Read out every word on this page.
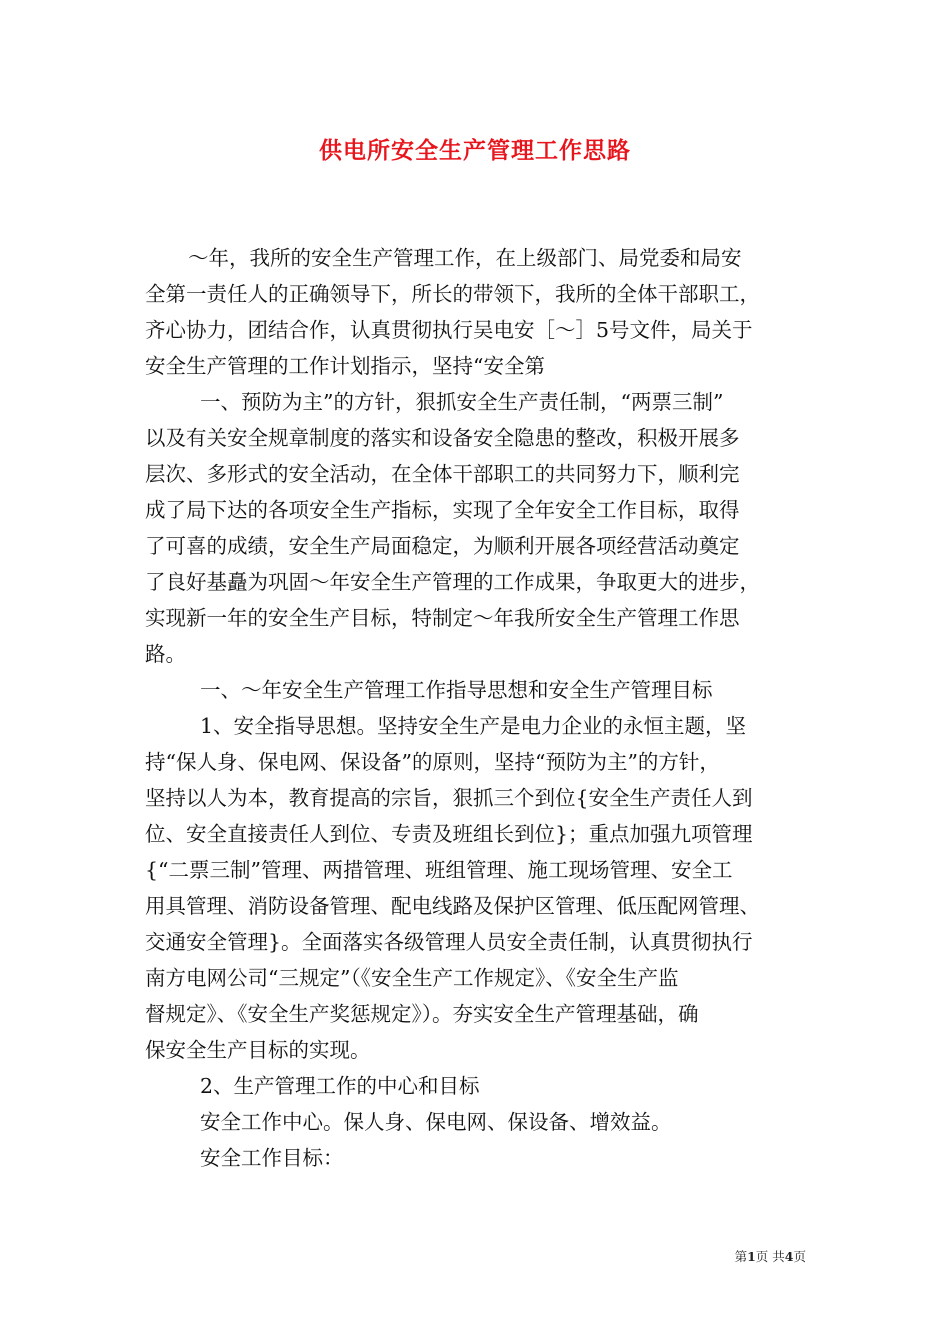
供电所安全生产管理工作思路
～年，我所的安全生产管理工作，在上级部门、局党委和局安
全第一责任人的正确领导下，所长的带领下，我所的全体干部职工，
齐心协力，团结合作，认真贯彻执行吴电安［～］5号文件，局关于
安全生产管理的工作计划指示，坚持“安全第
一、预防为主”的方针，狠抓安全生产责任制，“两票三制”
以及有关安全规章制度的落实和设备安全隐患的整改，积极开展多
层次、多形式的安全活动，在全体干部职工的共同努力下，顺利完
成了局下达的各项安全生产指标，实现了全年安全工作目标，取得
了可喜的成绩，安全生产局面稳定，为顺利开展各项经营活动奠定
了良好基矗为巩固～年安全生产管理的工作成果，争取更大的进步，
实现新一年的安全生产目标，特制定～年我所安全生产管理工作思
路。
一、～年安全生产管理工作指导思想和安全生产管理目标
1、安全指导思想。坚持安全生产是电力企业的永恒主题，坚
持“保人身、保电网、保设备”的原则，坚持“预防为主”的方针，
坚持以人为本，教育提高的宗旨，狠抓三个到位{安全生产责任人到
位、安全直接责任人到位、专责及班组长到位}；重点加强九项管理
{“二票三制”管理、两措管理、班组管理、施工现场管理、安全工
用具管理、消防设备管理、配电线路及保护区管理、低压配网管理、
交通安全管理}。全面落实各级管理人员安全责任制，认真贯彻执行
南方电网公司“三规定”（《安全生产工作规定》、《安全生产监
督规定》、《安全生产奖惩规定》）。夯实安全生产管理基础，确
保安全生产目标的实现。
2、生产管理工作的中心和目标
安全工作中心。保人身、保电网、保设备、增效益。
安全工作目标：
第1页 共4页
